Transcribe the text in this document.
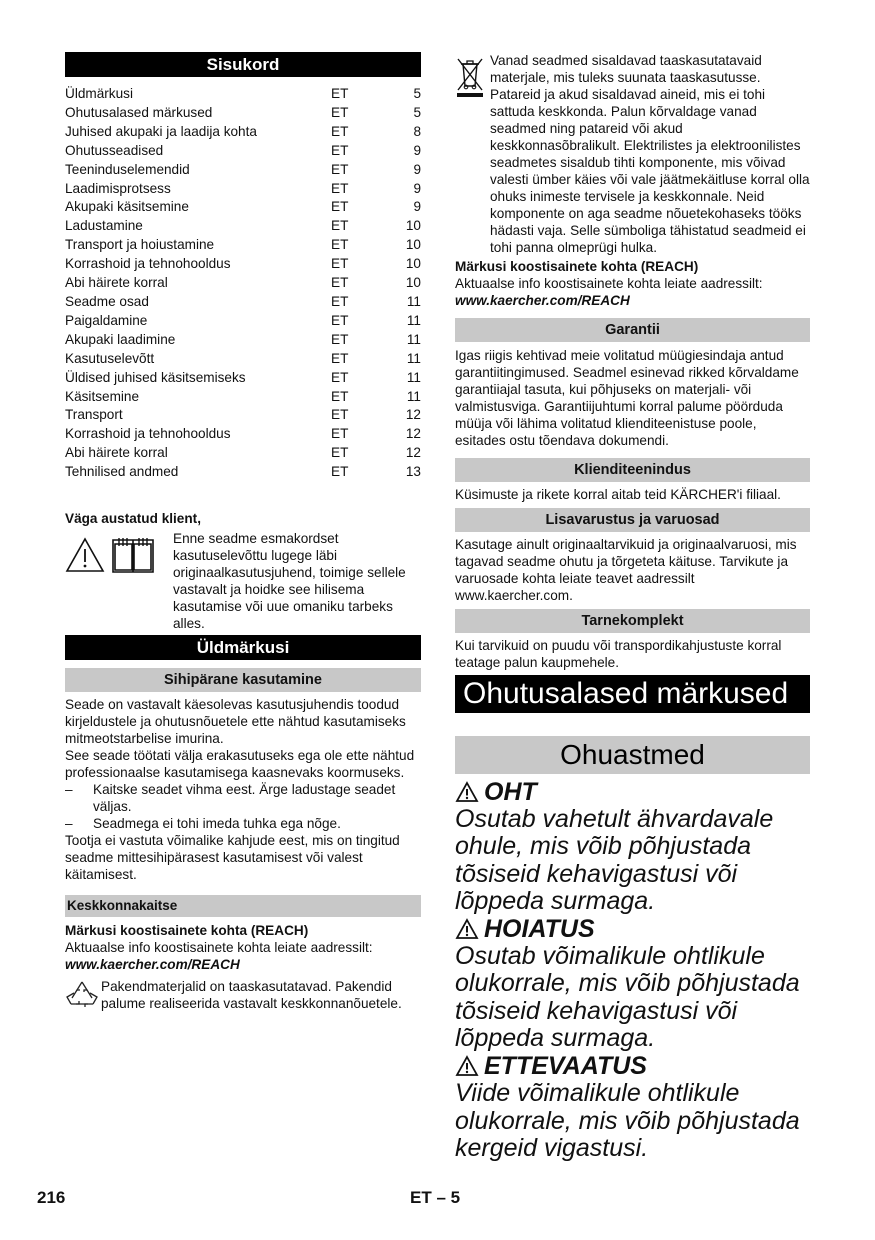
Sisukord
Üldmärkusi	ET	5
Ohutusalased märkused	ET	5
Juhised akupaki ja laadija kohta	ET	8
Ohutusseadised	ET	9
Teeninduselemendid	ET	9
Laadimisprotsess	ET	9
Akupaki käsitsemine	ET	9
Ladustamine	ET	10
Transport ja hoiustamine	ET	10
Korrashoid ja tehnohooldus	ET	10
Abi häirete korral	ET	10
Seadme osad	ET	11
Paigaldamine	ET	11
Akupaki laadimine	ET	11
Kasutuselevõtt	ET	11
Üldised juhised käsitsemiseks	ET	11
Käsitsemine	ET	11
Transport	ET	12
Korrashoid ja tehnohooldus	ET	12
Abi häirete korral	ET	12
Tehnilised andmed	ET	13

Väga austatud klient,

Enne seadme esmakordset kasutuselevõttu lugege läbi originaalkasutusjuhend, toimige sellele vastavalt ja hoidke see hilisema kasutamise või uue omaniku tarbeks alles.

Üldmärkusi
Sihipärane kasutamine

Seade on vastavalt käesolevas kasutusjuhendis toodud kirjeldustele ja ohutusnõuetele ette nähtud kasutamiseks mitmeotstarbelise imurina.

See seade töötati välja erakasutuseks ega ole ette nähtud professionaalse kasutamisega kaasnevaks koormuseks.

– Kaitske seadet vihma eest. Ärge ladustage seadet väljas.
– Seadmega ei tohi imeda tuhka ega nõge.

Tootja ei vastuta võimalike kahjude eest, mis on tingitud seadme mittesihipärasest kasutamisest või valest käitamisest.

Keskkonnakaitse

Märkusi koostisainete kohta (REACH)

Aktuaalse info koostisainete kohta leiate aadressilt:

www.kaercher.com/REACH

Pakendmaterjalid on taaskasutatavad. Pakendid palume realiseerida vastavalt keskkonnanõuetele.

Vanad seadmed sisaldavad taaskasutatavaid materjale, mis tuleks suunata taaskasutusse. Patareid ja akud sisaldavad aineid, mis ei tohi sattuda keskkonda. Palun kõrvaldage vanad seadmed ning patareid või akud keskkonnasõbralikult. Elektrilistes ja elektroonilistes seadmetes sisaldub tihti komponente, mis võivad valesti ümber käies või vale jäätmekäitluse korral olla ohuks inimeste tervisele ja keskkonnale. Neid komponente on aga seadme nõuetekohaseks tööks hädasti vaja. Selle sümboliga tähistatud seadmeid ei tohi panna olmeprügi hulka.

Märkusi koostisainete kohta (REACH)

Aktuaalse info koostisainete kohta leiate aadressilt:

www.kaercher.com/REACH

Garantii

Igas riigis kehtivad meie volitatud müügiesindaja antud garantiitingimused. Seadmel esinevad rikked kõrvaldame garantiiajal tasuta, kui põhjuseks on materjali- või valmistusviga. Garantiijuhtumi korral palume pöörduda müüja või lähima volitatud klienditeenistuse poole, esitades ostu tõendava dokumendi.

Klienditeenindus

Küsimuste ja rikete korral aitab teid KÄRCHER'i filiaal.

Lisavarustus ja varuosad

Kasutage ainult originaaltarvikuid ja originaalvaruosi, mis tagavad seadme ohutu ja tõrgeteta käituse. Tarvikute ja varuosade kohta leiate teavet aadressilt www.kaercher.com.

Tarnekomplekt

Kui tarvikuid on puudu või transpordikahjustuste korral teatage palun kaupmehele.

Ohutusalased märkused
Ohuastmed
OHT

Osutab vahetult ähvardavale ohule, mis võib põhjustada tõsiseid kehavigastusi või lõppeda surmaga.

HOIATUS

Osutab võimalikule ohtlikule olukorrale, mis võib põhjustada tõsiseid kehavigastusi või lõppeda surmaga.

ETTEVAATUS

Viide võimalikule ohtlikule olukorrale, mis võib põhjustada kergeid vigastusi.

216	ET – 5
